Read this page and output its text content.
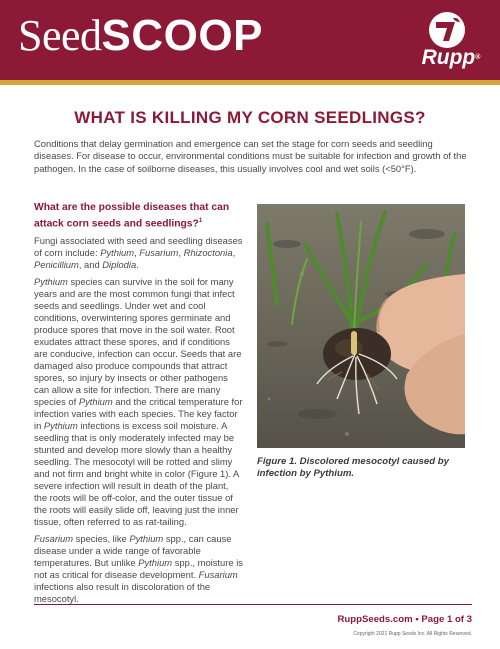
SeedSCOOP	Rupp®
WHAT IS KILLING MY CORN SEEDLINGS?
Conditions that delay germination and emergence can set the stage for corn seeds and seedling diseases. For disease to occur, environmental conditions must be suitable for infection and growth of the pathogen. In the case of soilborne diseases, this usually involves cool and wet soils (<50°F).

What are the possible diseases that can attack corn seeds and seedlings?$^1$

Fungi associated with seed and seedling diseases of corn include: Pythium, Fusarium, Rhizoctonia, Penicillium, and Diplodia.

Pythium species can survive in the soil for many years and are the most common fungi that infect seeds and seedlings. Under wet and cool conditions, overwintering spores germinate and produce spores that move in the soil water. Root exudates attract these spores, and if conditions are conducive, infection can occur. Seeds that are damaged also produce compounds that attract spores, so injury by insects or other pathogens can allow a site for infection. There are many species of Pythium and the critical temperature for infection varies with each species. The key factor in Pythium infections is excess soil moisture. A seedling that is only moderately infected may be stunted and develop more slowly than a healthy seedling. The mesocotyl will be rotted and slimy and not firm and bright white in color (Figure 1). A severe infection will result in death of the plant, the roots will be off-color, and the outer tissue of the roots will easily slide off, leaving just the inner tissue, often referred to as rat-tailing.

Fusarium species, like Pythium spp., can cause disease under a wide range of favorable temperatures. But unlike Pythium spp., moisture is not as critical for disease development. Fusarium infections also result in discoloration of the mesocotyl.

Figure 1. Discolored mesocotyl caused by infection by Pythium.
RuppSeeds.com • Page 1 of 3
Copyright 2021 Rupp Seeds Inc. All Rights Reserved.
